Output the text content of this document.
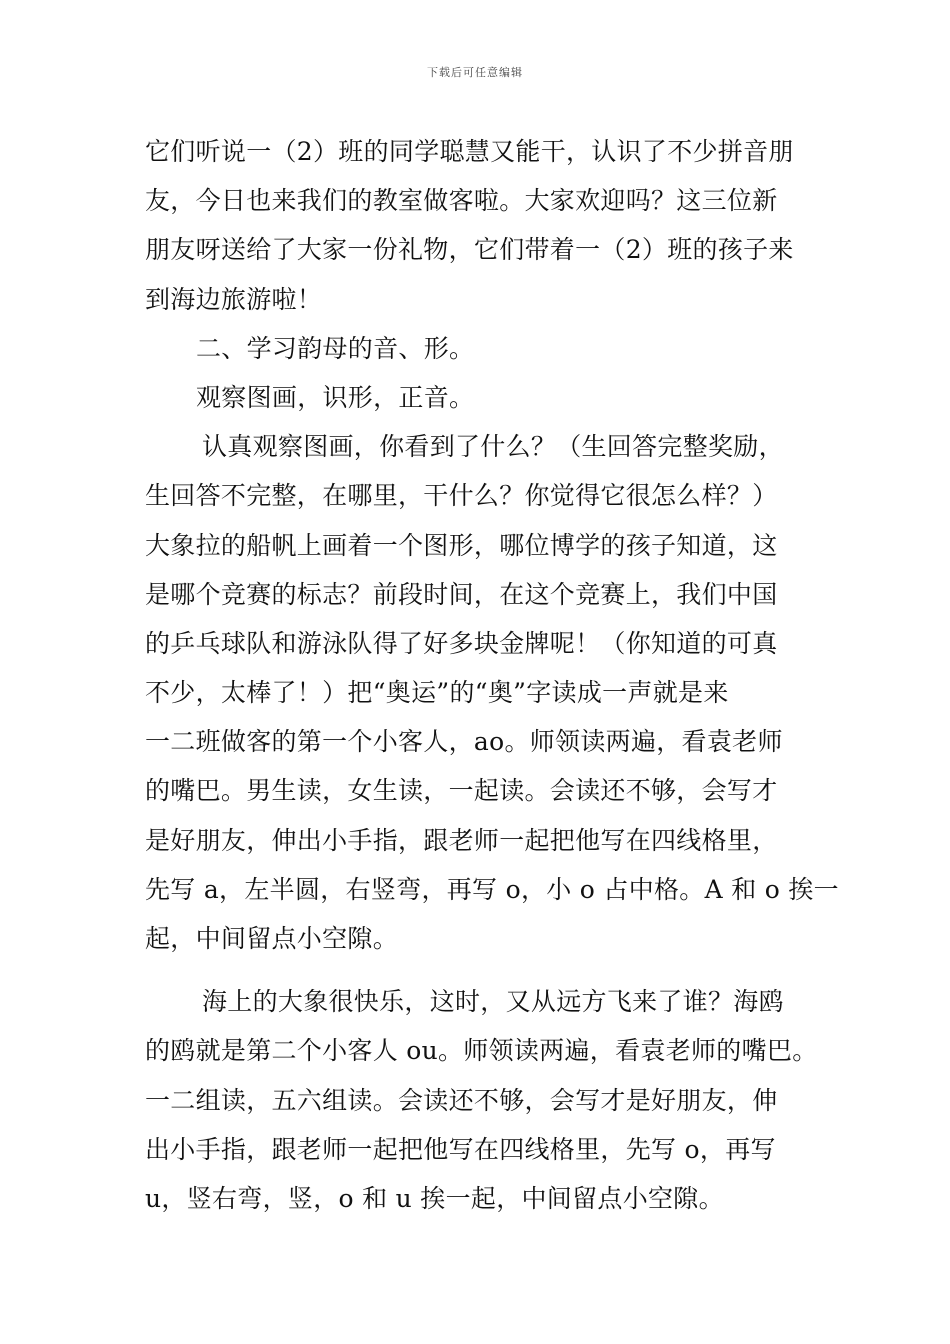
下载后可任意编辑
它们听说一（2）班的同学聪慧又能干，认识了不少拼音朋
友，今日也来我们的教室做客啦。大家欢迎吗？这三位新
朋友呀送给了大家一份礼物，它们带着一（2）班的孩子来
到海边旅游啦！
二、学习韵母的音、形。
观察图画，识形，正音。
认真观察图画，你看到了什么？（生回答完整奖励，
生回答不完整，在哪里，干什么？你觉得它很怎么样？）
大象拉的船帆上画着一个图形，哪位博学的孩子知道，这
是哪个竞赛的标志？前段时间，在这个竞赛上，我们中国
的乒乓球队和游泳队得了好多块金牌呢！（你知道的可真
不少，太棒了！）把“奥运”的“奥”字读成一声就是来
一二班做客的第一个小客人，ao。师领读两遍，看袁老师
的嘴巴。男生读，女生读，一起读。会读还不够，会写才
是好朋友，伸出小手指，跟老师一起把他写在四线格里，
先写 a，左半圆，右竖弯，再写 o，小 o 占中格。A 和 o 挨一
起，中间留点小空隙。
海上的大象很快乐，这时，又从远方飞来了谁？海鸥
的鸥就是第二个小客人 ou。师领读两遍，看袁老师的嘴巴。
一二组读，五六组读。会读还不够，会写才是好朋友，伸
出小手指，跟老师一起把他写在四线格里，先写 o，再写
u，竖右弯，竖，o 和 u 挨一起，中间留点小空隙。
